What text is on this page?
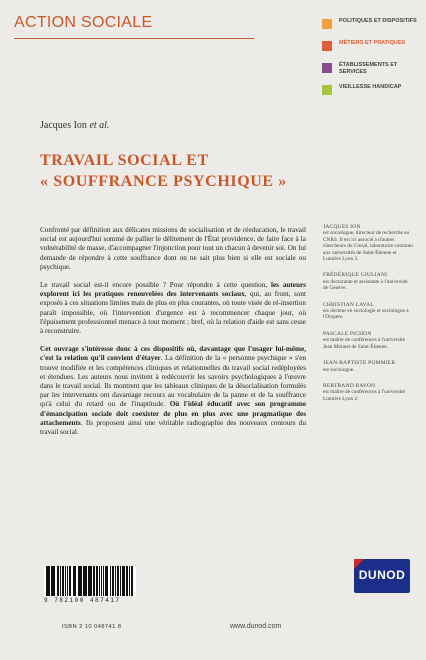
ACTION SOCIALE	POLITIQUES ET DISPOSITIFS
MÉTIERS ET PRATIQUES
ÉTABLISSEMENTS ET SERVICES
VIEILLESSE HANDICAP
Jacques Ion et al.
TRAVAIL SOCIAL ET
« SOUFFRANCE PSYCHIQUE »

Confronté par définition aux délicates missions de socialisation et de réeducation, le travail social est aujourd'hui sommé de pallier le délitement de l'État providence, de faire face à la vulnérabilité de masse, d'accompagner l'injonction pour tout un chacun à devenir soi. On lui demande de répondre à cette souffrance dont on ne sait plus bien si elle est sociale ou psychique.

Le travail social est-il encore possible ? Pour répondre à cette question, les auteurs explorent ici les pratiques renouvelées des intervenants sociaux, qui, au front, sont exposés à ces situations limites mais de plus en plus courantes, où toute visée de ré-insertion paraît impossible, où l'intervention d'urgence est à recommencer chaque jour, où l'épuisement professionnel menace à tout moment ; bref, où la relation d'aide est sans cesse à reconstruire.

Cet ouvrage s'intéresse donc à ces dispositifs où, davantage que l'usager lui-même, c'est la relation qu'il convient d'étayer. La définition de la « personne psychique » s'en trouve modifiée et les compétences cliniques et relationnelles du travail social redéployées et étendues. Les auteurs nous invitent à redécouvrir les savoirs psychologiques à l'œuvre dans le travail social. Ils montrent que les tableaux cliniques de la désocialisation formulés par les intervenants ont davantage recours au vocabulaire de la panne et de la souffrance qu'à celui du retard ou de l'inaptitude. Où l'idéal éducatif avec son programme d'émancipation sociale doit coexister de plus en plus avec une pragmatique des attachements. Ils proposent ainsi une véritable radiographie des nouveaux contours du travail social.

JACQUES ION
est sociologue, directeur de recherche au CNRS. Il est ici associé à d'autres chercheurs du Cresal, laboratoire commun aux universités de Saint-Étienne et Lumière Lyon 2.
FRÉDÉRIQUE GIULIANI
est doctorante et assistante à l'université de Genève.
CHRISTIAN LAVAL
est docteur en sociologie et sociologue à l'Orspere.
PASCALE PICHON
est maître de conférences à l'université Jean Monnet de Saint-Étienne.
JEAN-BAPTISTE POMMIER
est sociologue.
BERTRAND RAVON
est maître de conférences à l'université Lumière Lyon 2.
9 782100 487417
ISBN 2 10 048741 8	www.dunod.com
DUNOD
